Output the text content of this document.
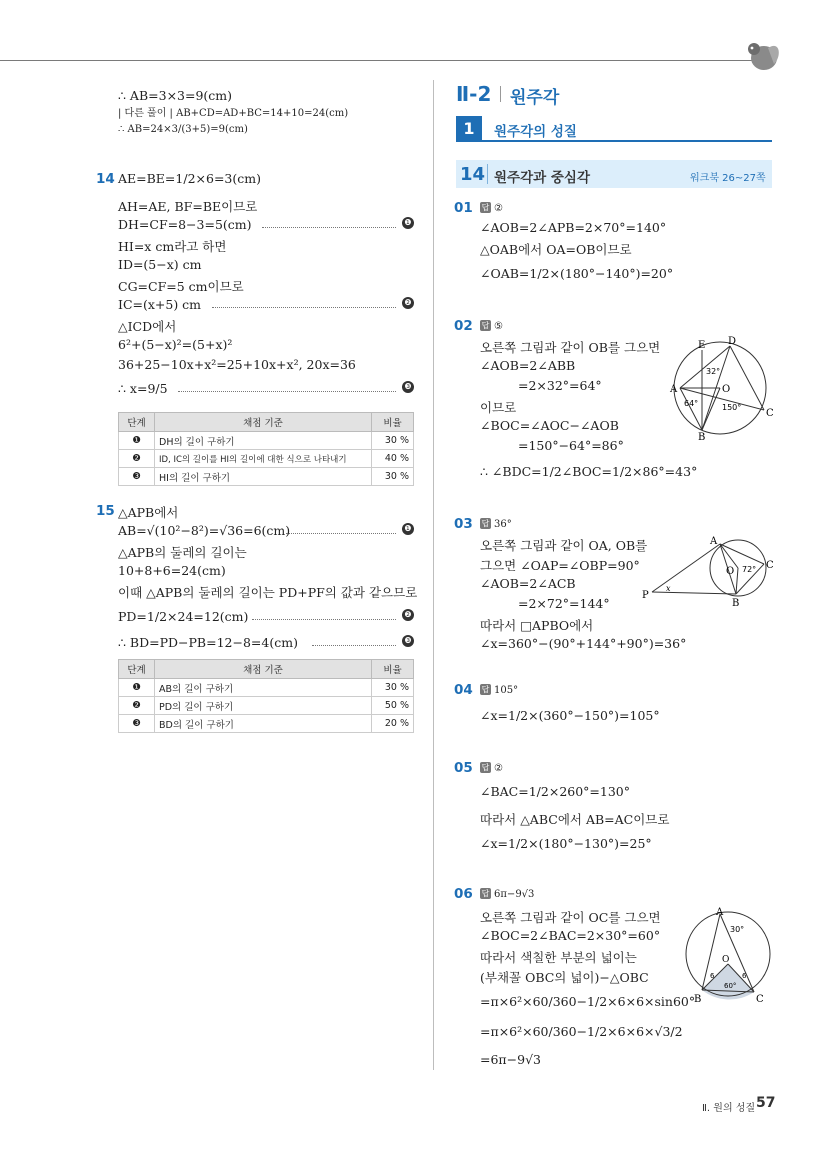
∴ AB=3×3=9(cm)
| 다른 풀이 | AB+CD=AD+BC=14+10=24(cm)
∴ AB=24×3/(3+5)=9(cm)
14 AE=BE=1/2×6=3(cm)
AH=AE, BF=BE이므로
DH=CF=8−3=5(cm)	❶
HI=x cm라고 하면
ID=(5−x) cm
CG=CF=5 cm이므로
IC=(x+5) cm	❷
△ICD에서
6²+(5−x)²=(5+x)²
36+25−10x+x²=25+10x+x², 20x=36
∴ x=9/5	❸
단계	채점 기준	비율
❶	DH의 길이 구하기	30 %
❷	ID, IC의 길이를 HI의 길이에 대한 식으로 나타내기	40 %
❸	HI의 길이 구하기	30 %
15 △APB에서
AB=√(10²−8²)=√36=6(cm)	❶
△APB의 둘레의 길이는
10+8+6=24(cm)
이때 △APB의 둘레의 길이는 PD+PF의 값과 같으므로
PD=1/2×24=12(cm)	❷
∴ BD=PD−PB=12−8=4(cm)	❸
단계	채점 기준	비율
❶	AB의 길이 구하기	30 %
❷	PD의 길이 구하기	50 %
❸	BD의 길이 구하기	20 %
Ⅱ-2 원주각
1	원주각의 성질
14 원주각과 중심각	워크북 26~27쪽
01 답 ②
∠AOB=2∠APB=2×70°=140°
△OAB에서 OA=OB이므로
∠OAB=1/2×(180°−140°)=20°
02 답 ⑤
오른쪽 그림과 같이 OB를 그으면
∠AOB=2∠ABB
=2×32°=64°
이므로
∠BOC=∠AOC−∠AOB
=150°−64°=86°
∴ ∠BDC=1/2∠BOC=1/2×86°=43°
E D
A	O
B
C
32°
64°	150°
03 답 36°
오른쪽 그림과 같이 OA, OB를
그으면 ∠OAP=∠OBP=90°
∠AOB=2∠ACB
=2×72°=144°
따라서 □APBO에서
∠x=360°−(90°+144°+90°)=36°
A
O
C
P
B
72°
x
04 답 105°
∠x=1/2×(360°−150°)=105°
05 답 ②
∠BAC=1/2×260°=130°
따라서 △ABC에서 AB=AC이므로
∠x=1/2×(180°−130°)=25°
06 답 6π−9√3
오른쪽 그림과 같이 OC를 그으면
∠BOC=2∠BAC=2×30°=60°
따라서 색칠한 부분의 넓이는
(부채꼴 OBC의 넓이)−△OBC
=π×6²×60/360−1/2×6×6×sin60°
=π×6²×60/360−1/2×6×6×√3/2
=6π−9√3
A
O
B	C
30°
60°
6	6
Ⅱ. 원의 성질 57
